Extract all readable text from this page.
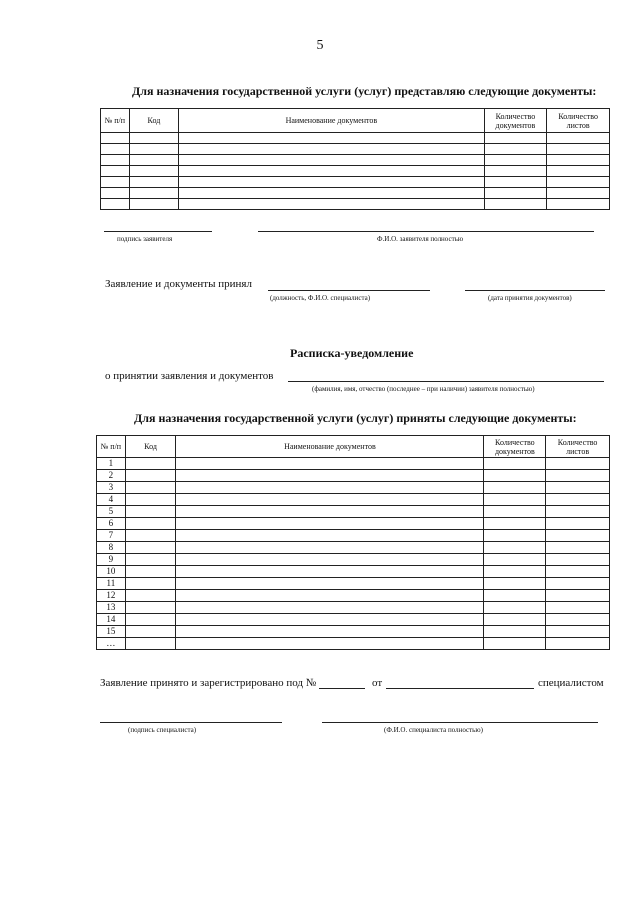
5
Для назначения государственной услуги (услуг) представляю следующие документы:
№ п/п	Код	Наименование документов	Количество документов	Количество листов

подпись заявителя	Ф.И.О. заявителя полностью
Заявление и документы принял
(должность, Ф.И.О. специалиста)	(дата принятия документов)
Расписка-уведомление
о принятии заявления и документов
(фамилия, имя, отчество (последнее – при наличии) заявителя полностью)
Для назначения государственной услуги (услуг) приняты следующие документы:
№ п/п	Код	Наименование документов	Количество документов	Количество листов
1				
2				
3				
4				
5				
6				
7				
8				
9				
10				
11				
12				
13				
14				
15				
…				
Заявление принято и зарегистрировано под №	от	специалистом
(подпись специалиста)	(Ф.И.О. специалиста полностью)
